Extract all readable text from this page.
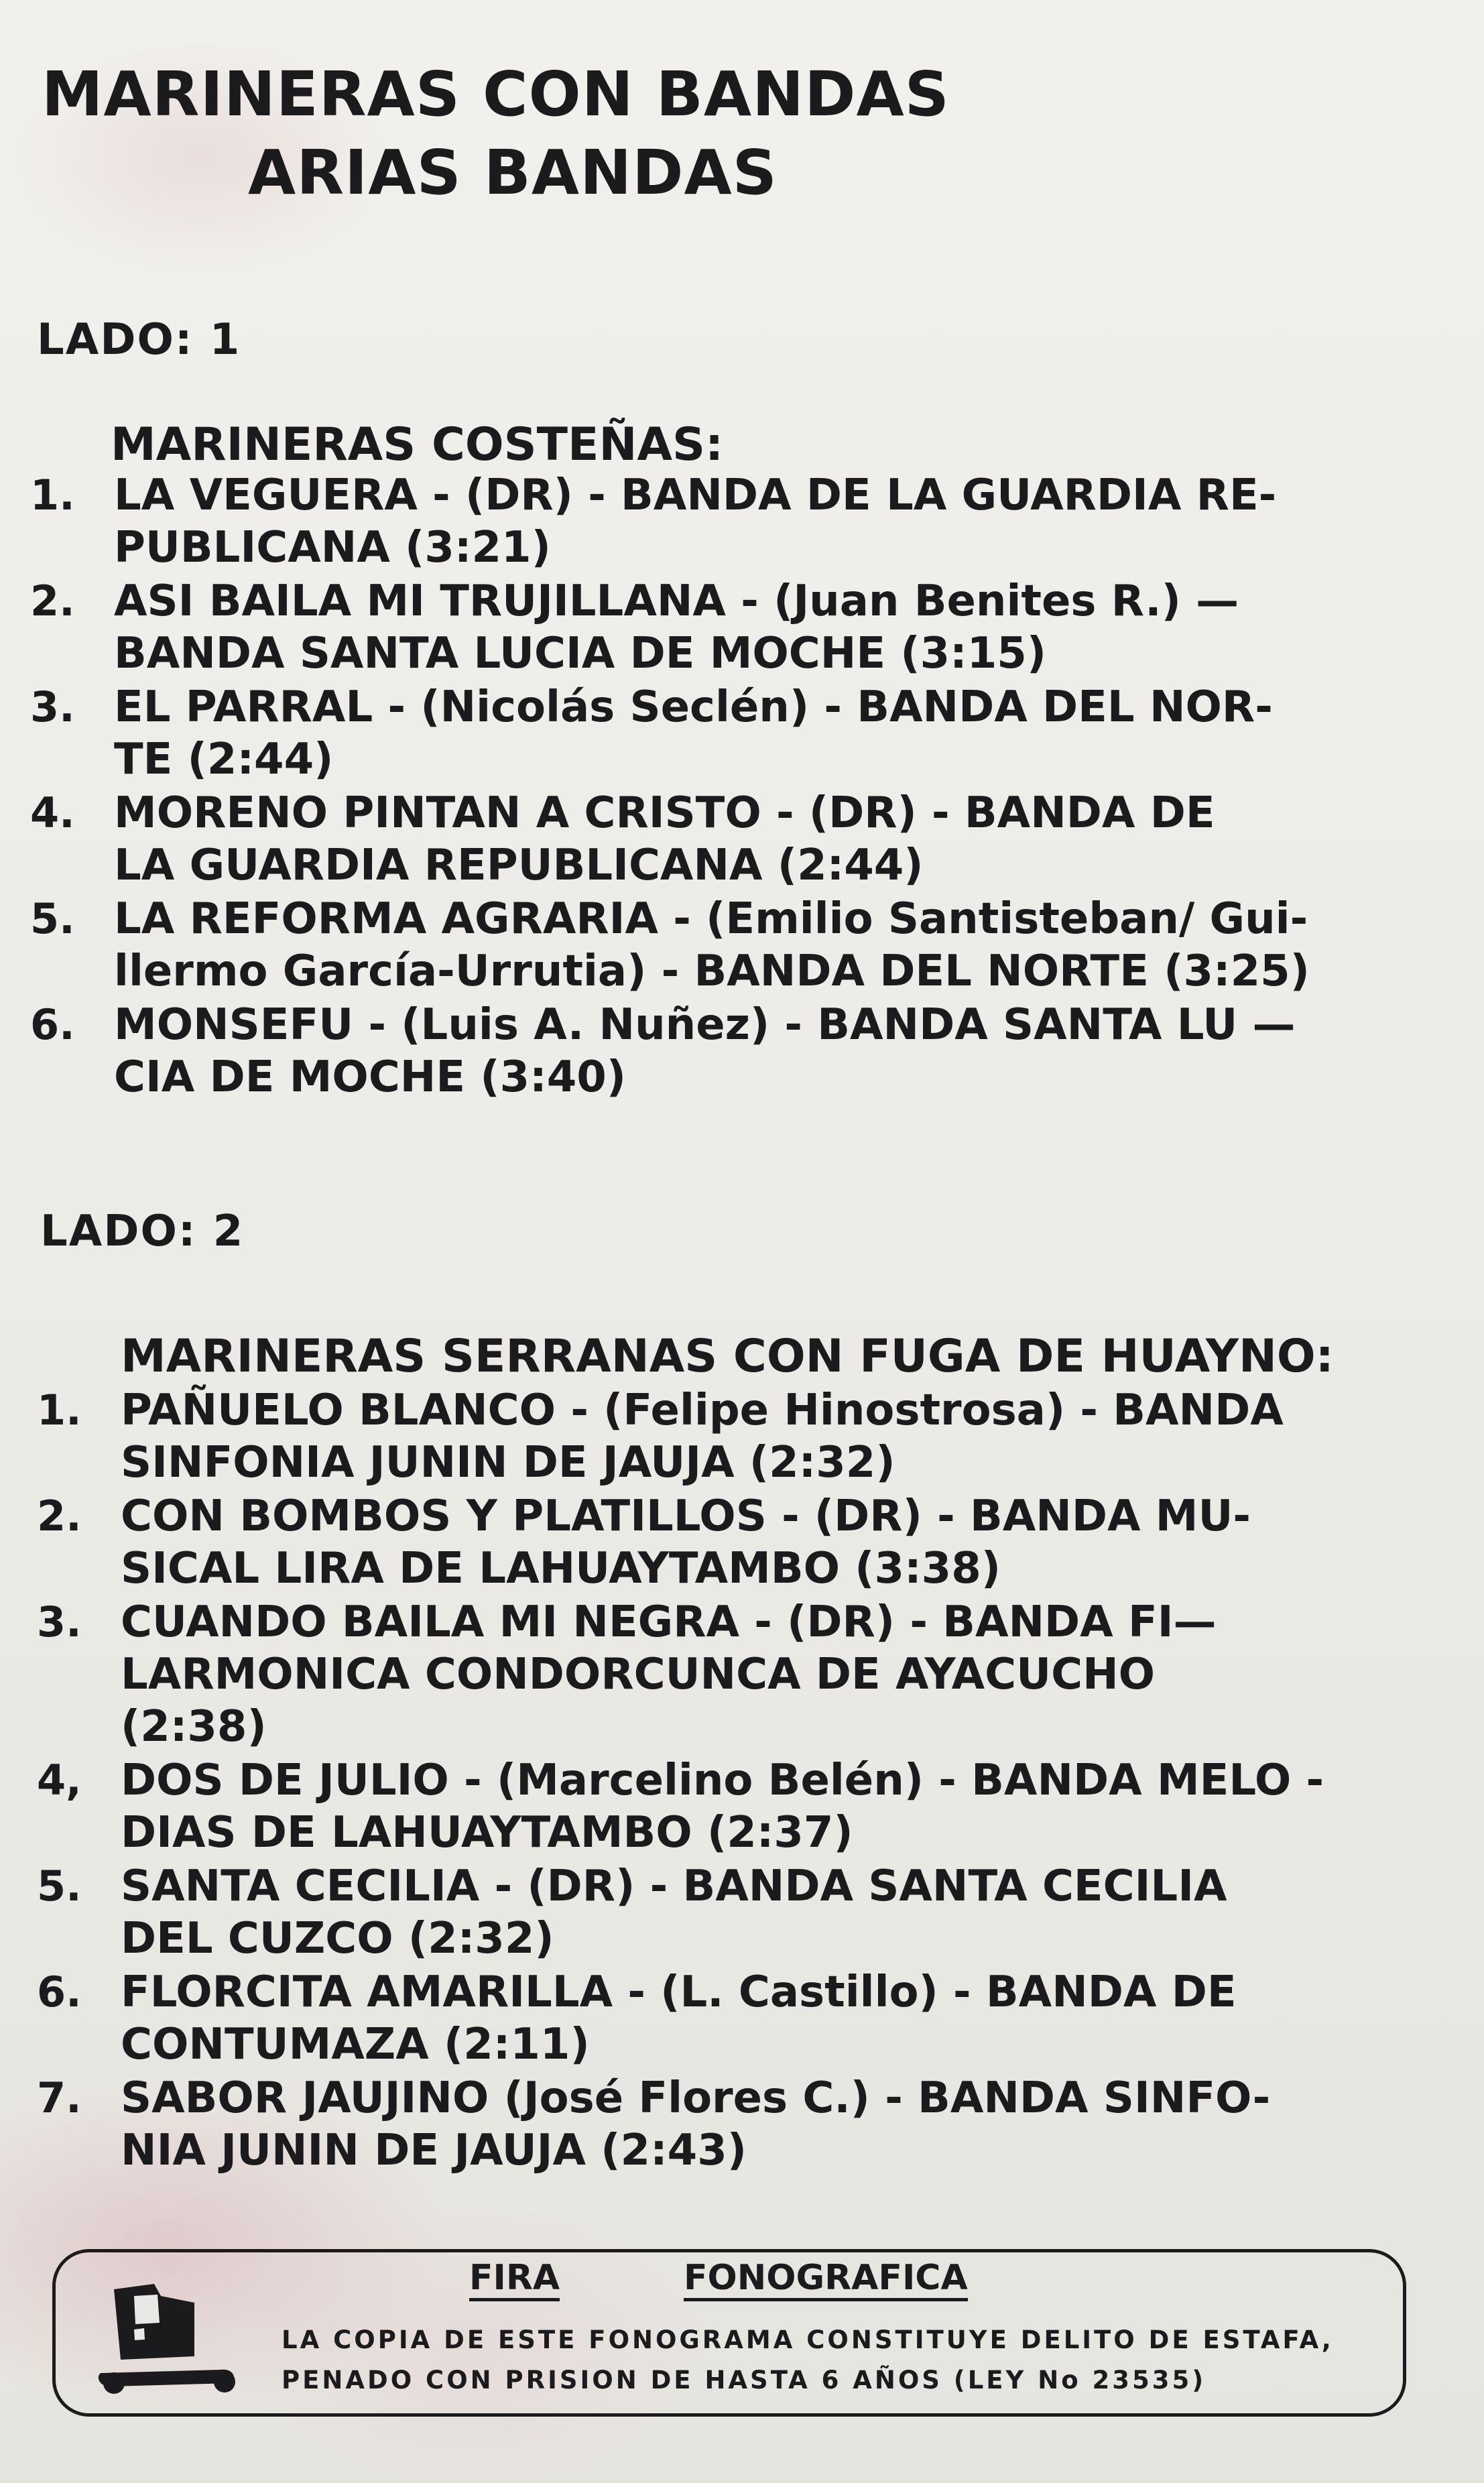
MARINERAS CON BANDAS
ARIAS BANDAS
LADO: 1
MARINERAS COSTEÑAS:
1. LA VEGUERA - (DR) - BANDA DE LA GUARDIA RE-
PUBLICANA (3:21)
2. ASI BAILA MI TRUJILLANA - (Juan Benites R.) —
BANDA SANTA LUCIA DE MOCHE (3:15)
3. EL PARRAL - (Nicolás Seclén) - BANDA DEL NOR-
TE (2:44)
4. MORENO PINTAN A CRISTO - (DR) - BANDA DE
LA GUARDIA REPUBLICANA (2:44)
5. LA REFORMA AGRARIA - (Emilio Santisteban/ Gui-
llermo García-Urrutia) - BANDA DEL NORTE (3:25)
6. MONSEFU - (Luis A. Nuñez) - BANDA SANTA LU —
CIA DE MOCHE (3:40)
LADO: 2
MARINERAS SERRANAS CON FUGA DE HUAYNO:
1. PAÑUELO BLANCO - (Felipe Hinostrosa) - BANDA
SINFONIA JUNIN DE JAUJA (2:32)
2. CON BOMBOS Y PLATILLOS - (DR) - BANDA MU-
SICAL LIRA DE LAHUAYTAMBO (3:38)
3. CUANDO BAILA MI NEGRA - (DR) - BANDA FI—
LARMONICA CONDORCUNCA DE AYACUCHO
(2:38)
4, DOS DE JULIO - (Marcelino Belén) - BANDA MELO -
DIAS DE LAHUAYTAMBO (2:37)
5. SANTA CECILIA - (DR) - BANDA SANTA CECILIA
DEL CUZCO (2:32)
6. FLORCITA AMARILLA - (L. Castillo) - BANDA DE
CONTUMAZA (2:11)
7. SABOR JAUJINO (José Flores C.) - BANDA SINFO-
NIA JUNIN DE JAUJA (2:43)
FIRA	FONOGRAFICA
LA COPIA DE ESTE FONOGRAMA CONSTITUYE DELITO DE ESTAFA,
PENADO CON PRISION DE HASTA 6 AÑOS (LEY No 23535)
